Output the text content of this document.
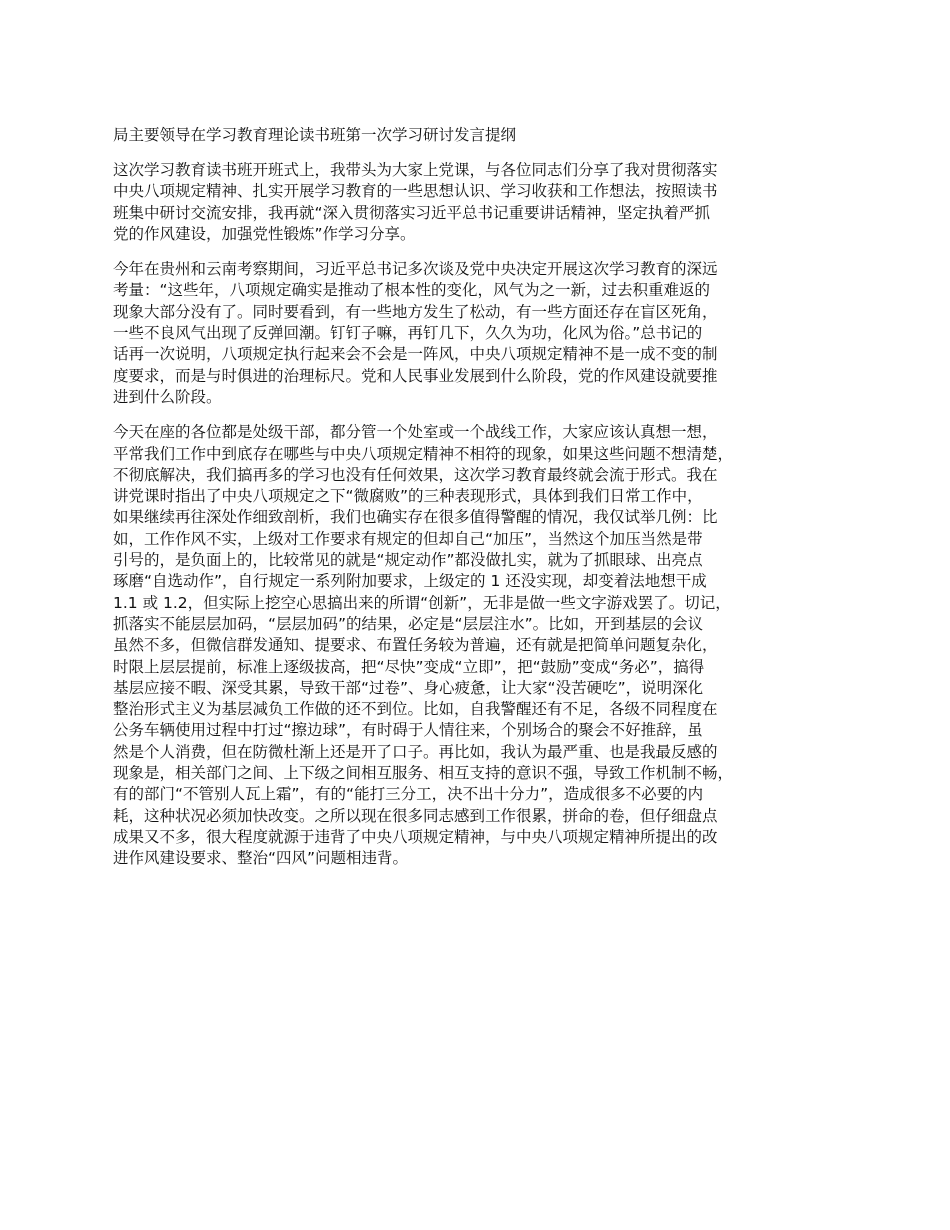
局主要领导在学习教育理论读书班第一次学习研讨发言提纲
这次学习教育读书班开班式上，我带头为大家上党课，与各位同志们分享了我对贯彻落实
中央八项规定精神、扎实开展学习教育的一些思想认识、学习收获和工作想法，按照读书
班集中研讨交流安排，我再就“深入贯彻落实习近平总书记重要讲话精神，坚定执着严抓
党的作风建设，加强党性锻炼”作学习分享。
今年在贵州和云南考察期间，习近平总书记多次谈及党中央决定开展这次学习教育的深远
考量：“这些年，八项规定确实是推动了根本性的变化，风气为之一新，过去积重难返的
现象大部分没有了。同时要看到，有一些地方发生了松动，有一些方面还存在盲区死角，
一些不良风气出现了反弹回潮。钉钉子嘛，再钉几下，久久为功，化风为俗。”总书记的
话再一次说明，八项规定执行起来会不会是一阵风，中央八项规定精神不是一成不变的制
度要求，而是与时俱进的治理标尺。党和人民事业发展到什么阶段，党的作风建设就要推
进到什么阶段。
今天在座的各位都是处级干部，都分管一个处室或一个战线工作，大家应该认真想一想，
平常我们工作中到底存在哪些与中央八项规定精神不相符的现象，如果这些问题不想清楚，
不彻底解决，我们搞再多的学习也没有任何效果，这次学习教育最终就会流于形式。我在
讲党课时指出了中央八项规定之下“微腐败”的三种表现形式，具体到我们日常工作中，
如果继续再往深处作细致剖析，我们也确实存在很多值得警醒的情况，我仅试举几例：比
如，工作作风不实，上级对工作要求有规定的但却自己“加压”，当然这个加压当然是带
引号的，是负面上的，比较常见的就是“规定动作”都没做扎实，就为了抓眼球、出亮点
琢磨“自选动作”，自行规定一系列附加要求，上级定的 1 还没实现，却变着法地想干成
1.1 或 1.2，但实际上挖空心思搞出来的所谓“创新”，无非是做一些文字游戏罢了。切记，
抓落实不能层层加码，“层层加码”的结果，必定是“层层注水”。比如，开到基层的会议
虽然不多，但微信群发通知、提要求、布置任务较为普遍，还有就是把简单问题复杂化，
时限上层层提前，标准上逐级拔高，把“尽快”变成“立即”，把“鼓励”变成“务必”，搞得
基层应接不暇、深受其累，导致干部“过卷”、身心疲惫，让大家“没苦硬吃”，说明深化
整治形式主义为基层减负工作做的还不到位。比如，自我警醒还有不足，各级不同程度在
公务车辆使用过程中打过“擦边球”，有时碍于人情往来，个别场合的聚会不好推辞，虽
然是个人消费，但在防微杜渐上还是开了口子。再比如，我认为最严重、也是我最反感的
现象是，相关部门之间、上下级之间相互服务、相互支持的意识不强，导致工作机制不畅，
有的部门“不管别人瓦上霜”，有的“能打三分工，决不出十分力”，造成很多不必要的内
耗，这种状况必须加快改变。之所以现在很多同志感到工作很累，拼命的卷，但仔细盘点
成果又不多，很大程度就源于违背了中央八项规定精神，与中央八项规定精神所提出的改
进作风建设要求、整治“四风”问题相违背。
